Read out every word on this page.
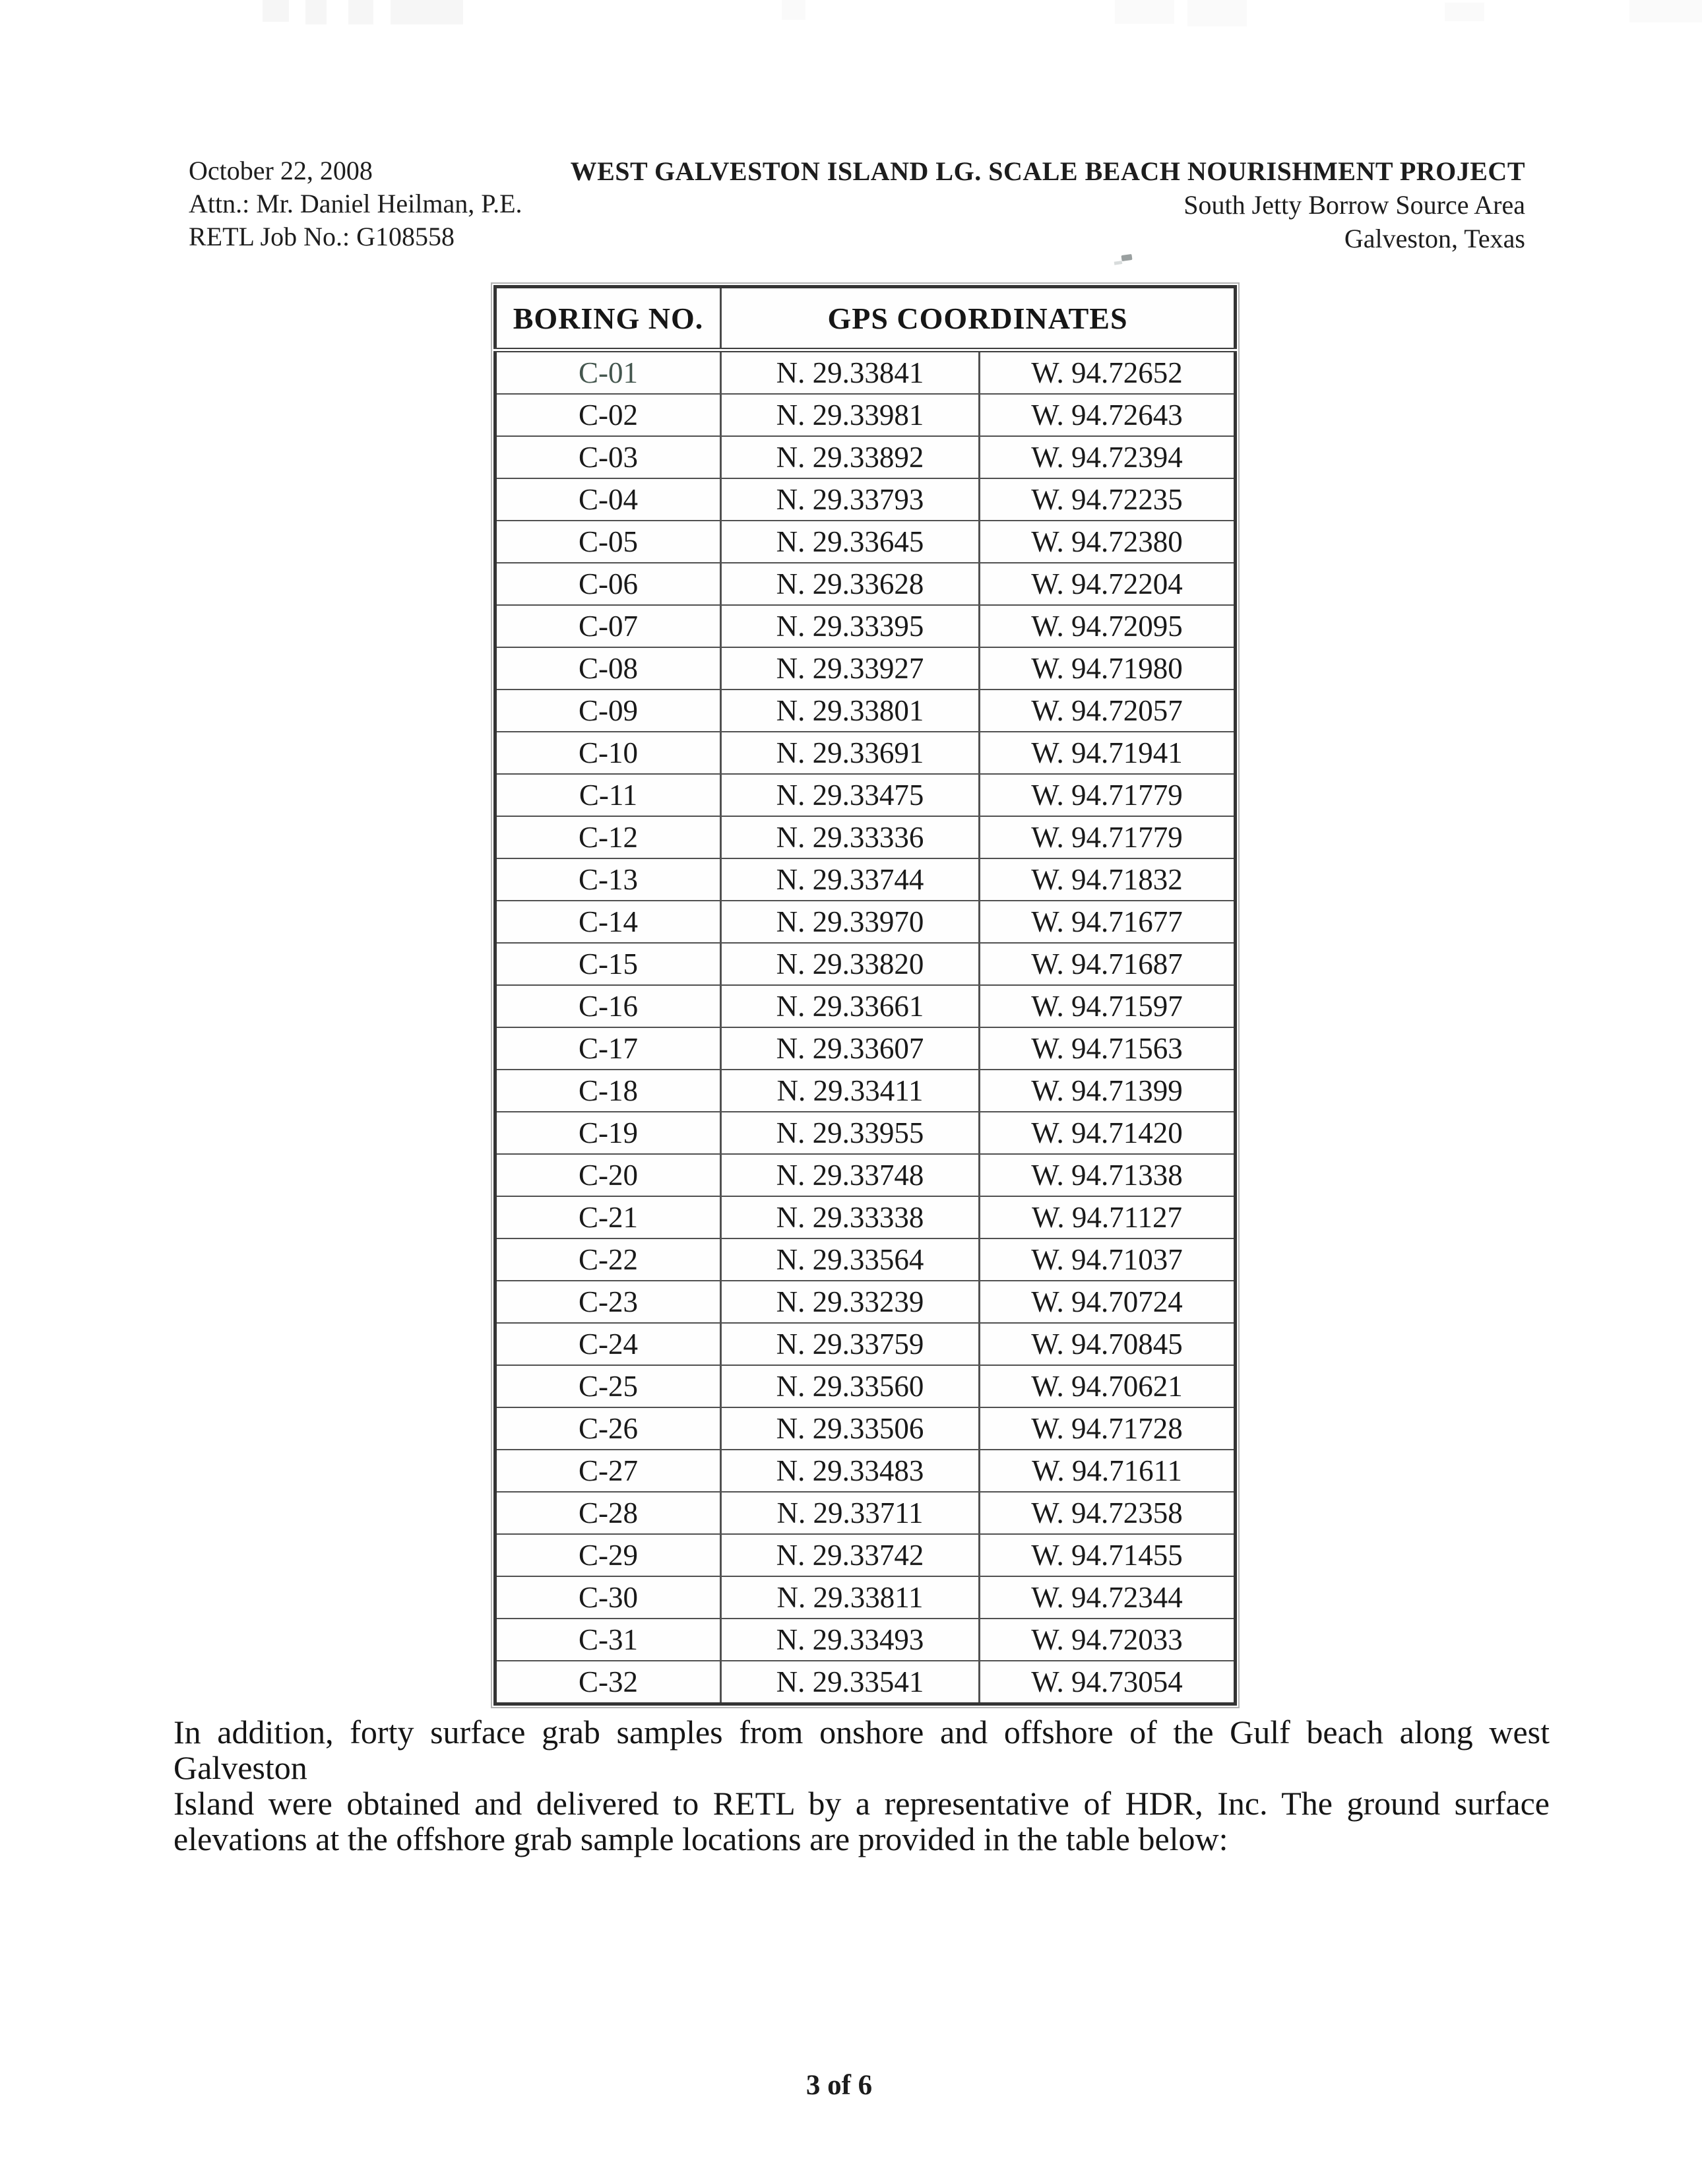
October 22, 2008
Attn.: Mr. Daniel Heilman, P.E.
RETL Job No.: G108558
WEST GALVESTON ISLAND LG. SCALE BEACH NOURISHMENT PROJECT
South Jetty Borrow Source Area
Galveston, Texas
BORING NO.	GPS COORDINATES	
C-01	N. 29.33841	W. 94.72652
C-02	N. 29.33981	W. 94.72643
C-03	N. 29.33892	W. 94.72394
C-04	N. 29.33793	W. 94.72235
C-05	N. 29.33645	W. 94.72380
C-06	N. 29.33628	W. 94.72204
C-07	N. 29.33395	W. 94.72095
C-08	N. 29.33927	W. 94.71980
C-09	N. 29.33801	W. 94.72057
C-10	N. 29.33691	W. 94.71941
C-11	N. 29.33475	W. 94.71779
C-12	N. 29.33336	W. 94.71779
C-13	N. 29.33744	W. 94.71832
C-14	N. 29.33970	W. 94.71677
C-15	N. 29.33820	W. 94.71687
C-16	N. 29.33661	W. 94.71597
C-17	N. 29.33607	W. 94.71563
C-18	N. 29.33411	W. 94.71399
C-19	N. 29.33955	W. 94.71420
C-20	N. 29.33748	W. 94.71338
C-21	N. 29.33338	W. 94.71127
C-22	N. 29.33564	W. 94.71037
C-23	N. 29.33239	W. 94.70724
C-24	N. 29.33759	W. 94.70845
C-25	N. 29.33560	W. 94.70621
C-26	N. 29.33506	W. 94.71728
C-27	N. 29.33483	W. 94.71611
C-28	N. 29.33711	W. 94.72358
C-29	N. 29.33742	W. 94.71455
C-30	N. 29.33811	W. 94.72344
C-31	N. 29.33493	W. 94.72033
C-32	N. 29.33541	W. 94.73054
In addition, forty surface grab samples from onshore and offshore of the Gulf beach along west Galveston
Island were obtained and delivered to RETL by a representative of HDR, Inc. The ground surface
elevations at the offshore grab sample locations are provided in the table below:
3 of 6
